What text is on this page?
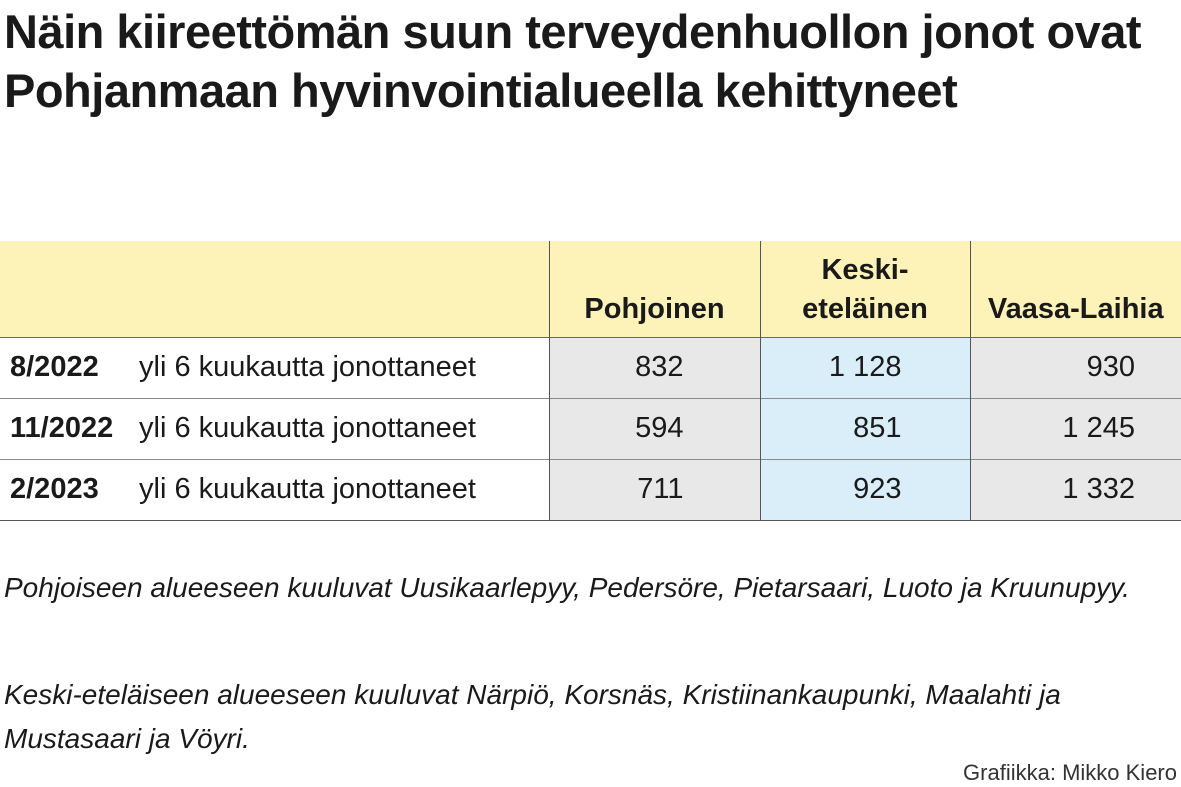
Näin kiireettömän suun terveydenhuollon jonot ovat Pohjanmaan hyvinvointialueella kehittyneet
		Pohjoinen	Keski-eteläinen	Vaasa-Laihia
8/2022	yli 6 kuukautta jonottaneet	832	1 128	930
11/2022	yli 6 kuukautta jonottaneet	594	851	1 245
2/2023	yli 6 kuukautta jonottaneet	711	923	1 332

Pohjoiseen alueeseen kuuluvat Uusikaarlepyy, Pedersöre, Pietarsaari, Luoto ja Kruunupyy.

Keski-eteläiseen alueeseen kuuluvat Närpiö, Korsnäs, Kristiinankaupunki, Maalahti ja Mustasaari ja Vöyri.

Grafiikka: Mikko Kiero
